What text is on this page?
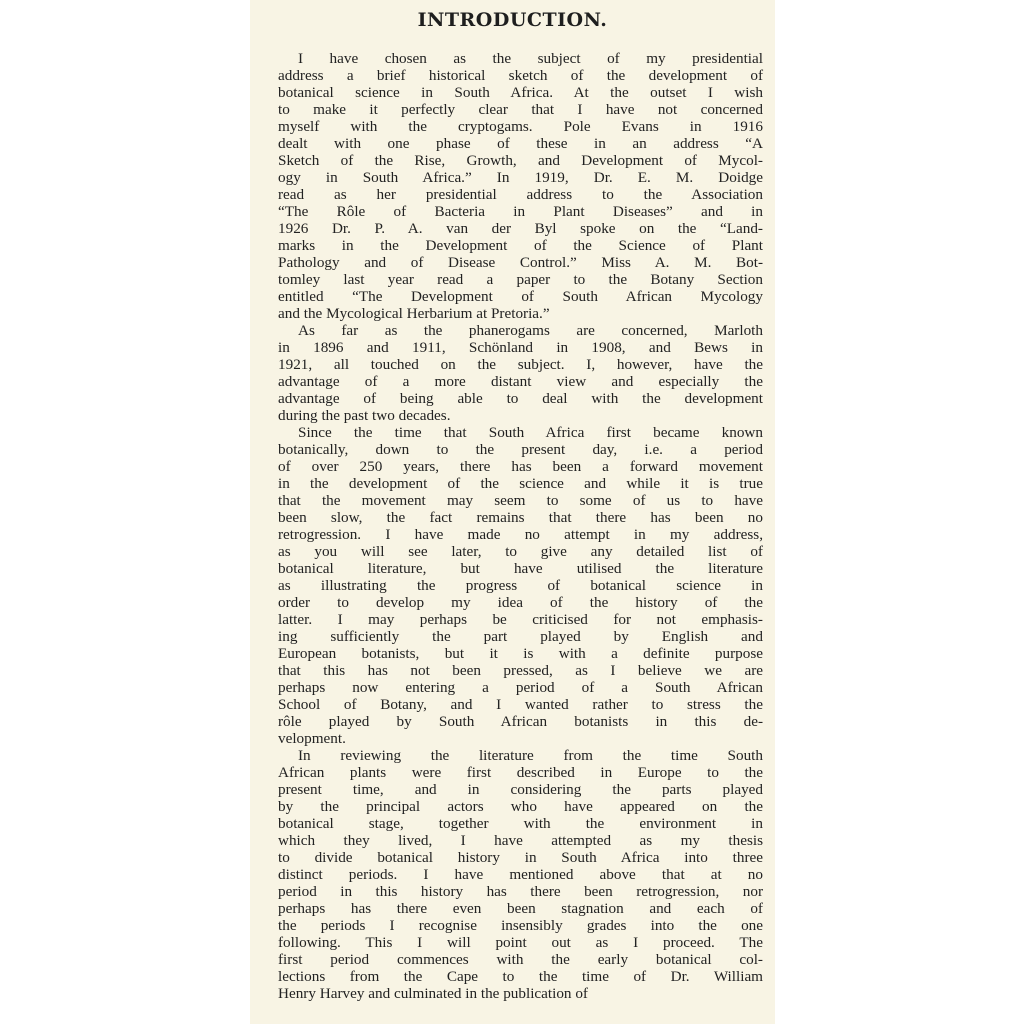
INTRODUCTION.
I have chosen as the subject of my presidential
address a brief historical sketch of the development of
botanical science in South Africa. At the outset I wish
to make it perfectly clear that I have not concerned
myself with the cryptogams. Pole Evans in 1916
dealt with one phase of these in an address “A
Sketch of the Rise, Growth, and Development of Mycol-
ogy in South Africa.” In 1919, Dr. E. M. Doidge
read as her presidential address to the Association
“The Rôle of Bacteria in Plant Diseases” and in
1926 Dr. P. A. van der Byl spoke on the “Land-
marks in the Development of the Science of Plant
Pathology and of Disease Control.” Miss A. M. Bot-
tomley last year read a paper to the Botany Section
entitled “The Development of South African Mycology
and the Mycological Herbarium at Pretoria.”
As far as the phanerogams are concerned, Marloth
in 1896 and 1911, Schönland in 1908, and Bews in
1921, all touched on the subject. I, however, have the
advantage of a more distant view and especially the
advantage of being able to deal with the development
during the past two decades.
Since the time that South Africa first became known
botanically, down to the present day, i.e. a period
of over 250 years, there has been a forward movement
in the development of the science and while it is true
that the movement may seem to some of us to have
been slow, the fact remains that there has been no
retrogression. I have made no attempt in my address,
as you will see later, to give any detailed list of
botanical literature, but have utilised the literature
as illustrating the progress of botanical science in
order to develop my idea of the history of the
latter. I may perhaps be criticised for not emphasis-
ing sufficiently the part played by English and
European botanists, but it is with a definite purpose
that this has not been pressed, as I believe we are
perhaps now entering a period of a South African
School of Botany, and I wanted rather to stress the
rôle played by South African botanists in this de-
velopment.
In reviewing the literature from the time South
African plants were first described in Europe to the
present time, and in considering the parts played
by the principal actors who have appeared on the
botanical stage, together with the environment in
which they lived, I have attempted as my thesis
to divide botanical history in South Africa into three
distinct periods. I have mentioned above that at no
period in this history has there been retrogression, nor
perhaps has there even been stagnation and each of
the periods I recognise insensibly grades into the one
following. This I will point out as I proceed. The
first period commences with the early botanical col-
lections from the Cape to the time of Dr. William
Henry Harvey and culminated in the publication of
